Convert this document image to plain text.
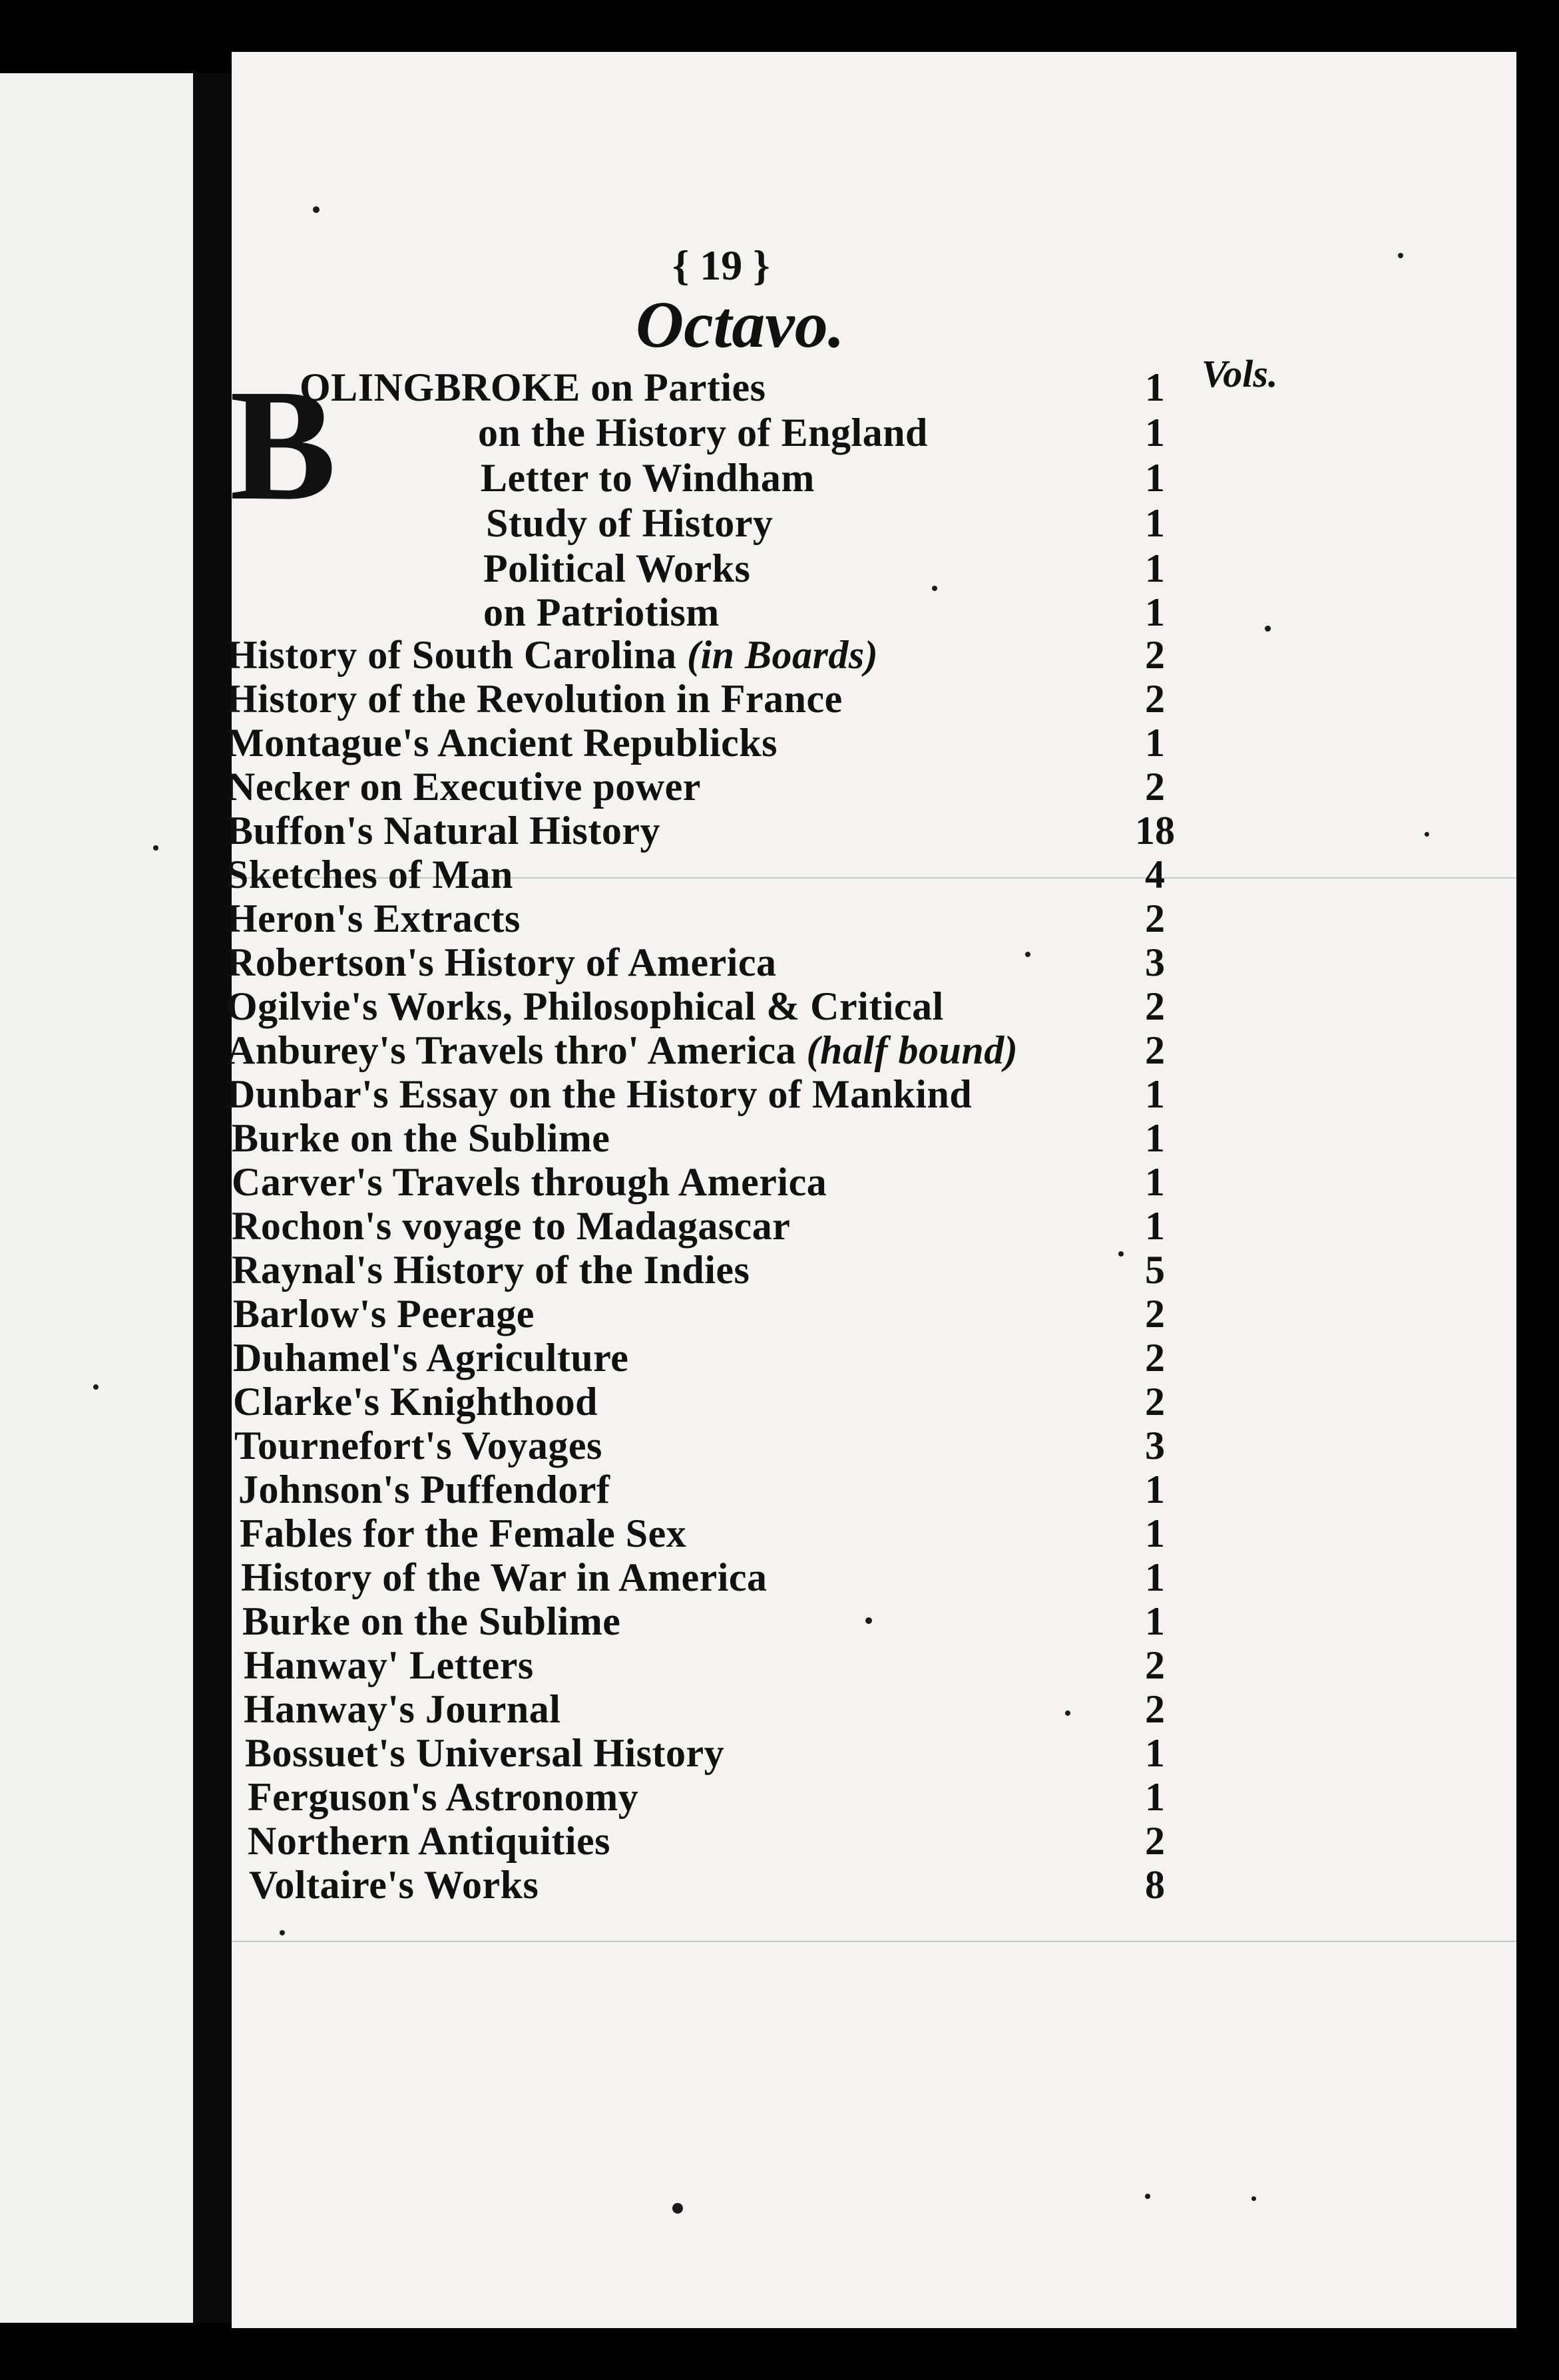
{ 19 }
Octavo.
Vols.
B
OLINGBROKE on Parties	1
on the History of England	1
Letter to Windham	1
Study of History	1
Political Works	1
on Patriotism	1
History of South Carolina (in Boards)	2
History of the Revolution in France	2
Montague's Ancient Republicks	1
Necker on Executive power	2
Buffon's Natural History	18
Sketches of Man	4
Heron's Extracts	2
Robertson's History of America	3
Ogilvie's Works, Philosophical & Critical	2
Anburey's Travels thro' America (half bound)	2
Dunbar's Essay on the History of Mankind	1
Burke on the Sublime	1
Carver's Travels through America	1
Rochon's voyage to Madagascar	1
Raynal's History of the Indies	5
Barlow's Peerage	2
Duhamel's Agriculture	2
Clarke's Knighthood	2
Tournefort's Voyages	3
Johnson's Puffendorf	1
Fables for the Female Sex	1
History of the War in America	1
Burke on the Sublime	1
Hanway' Letters	2
Hanway's Journal	2
Bossuet's Universal History	1
Ferguson's Astronomy	1
Northern Antiquities	2
Voltaire's Works	8
